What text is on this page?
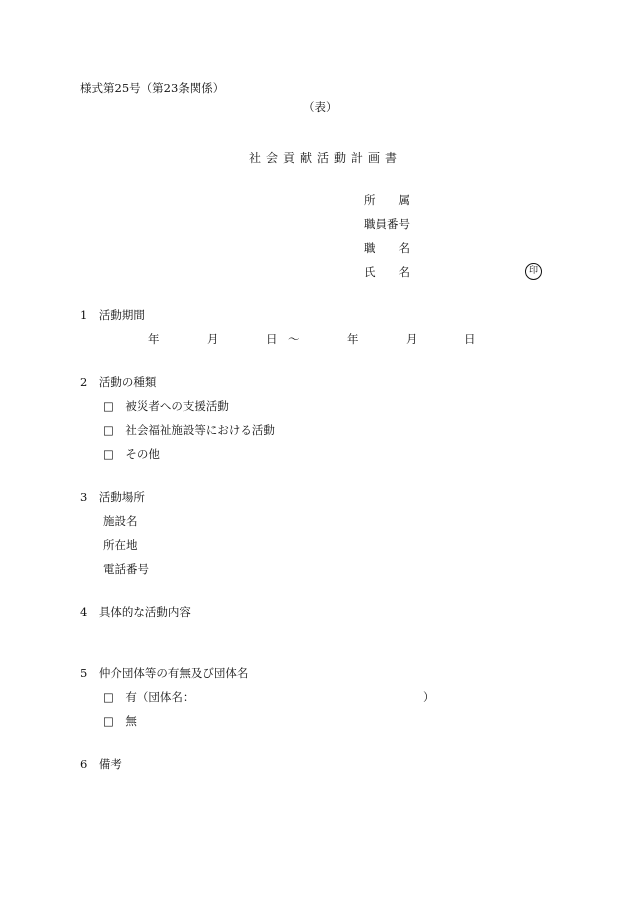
様式第25号（第23条関係）
（表）
社会貢献活動計画書
所　　属
職員番号
職　　名
氏　　名	印
1　活動期間
年	月	日 ～	年	月	日
2　活動の種類
□　被災者への支援活動
□　社会福祉施設等における活動
□　その他
3　活動場所
施設名
所在地
電話番号
4　具体的な活動内容
5　仲介団体等の有無及び団体名
□　有（団体名：	）
□　無
6　備考
